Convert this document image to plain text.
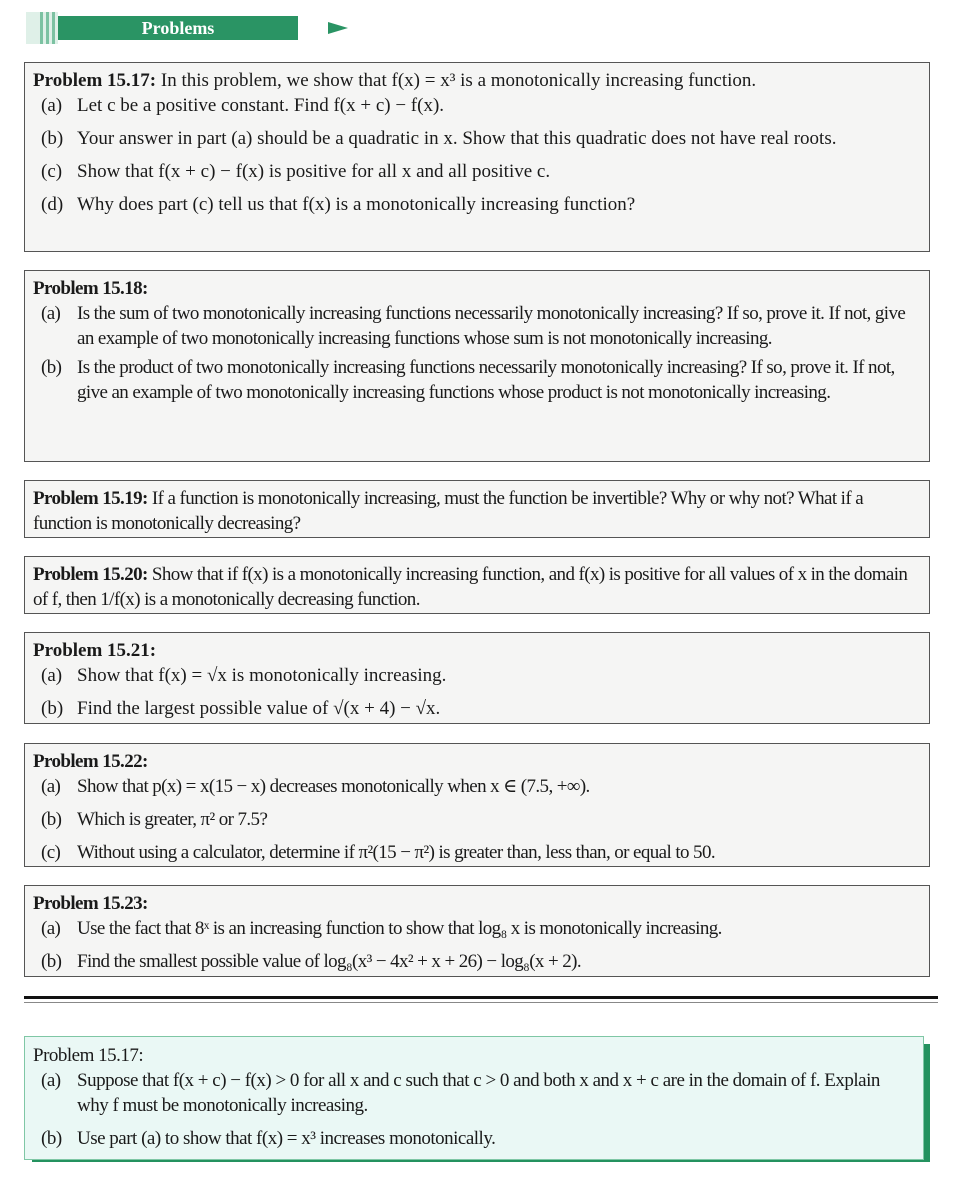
Problems
Problem 15.17: In this problem, we show that f(x) = x³ is a monotonically increasing function.
(a) Let c be a positive constant. Find f(x + c) − f(x).
(b) Your answer in part (a) should be a quadratic in x. Show that this quadratic does not have real roots.
(c) Show that f(x + c) − f(x) is positive for all x and all positive c.
(d) Why does part (c) tell us that f(x) is a monotonically increasing function?
Problem 15.18:
(a) Is the sum of two monotonically increasing functions necessarily monotonically increasing? If so, prove it. If not, give an example of two monotonically increasing functions whose sum is not monotonically increasing.
(b) Is the product of two monotonically increasing functions necessarily monotonically increasing? If so, prove it. If not, give an example of two monotonically increasing functions whose product is not monotonically increasing.
Problem 15.19: If a function is monotonically increasing, must the function be invertible? Why or why not? What if a function is monotonically decreasing?
Problem 15.20: Show that if f(x) is a monotonically increasing function, and f(x) is positive for all values of x in the domain of f, then 1/f(x) is a monotonically decreasing function.
Problem 15.21:
(a) Show that f(x) = √x is monotonically increasing.
(b) Find the largest possible value of √(x + 4) − √x.
Problem 15.22:
(a) Show that p(x) = x(15 − x) decreases monotonically when x ∈ (7.5, +∞).
(b) Which is greater, π² or 7.5?
(c) Without using a calculator, determine if π²(15 − π²) is greater than, less than, or equal to 50.
Problem 15.23:
(a) Use the fact that 8ˣ is an increasing function to show that log₈ x is monotonically increasing.
(b) Find the smallest possible value of log₈(x³ − 4x² + x + 26) − log₈(x + 2).
Problem 15.17:
(a) Suppose that f(x + c) − f(x) > 0 for all x and c such that c > 0 and both x and x + c are in the domain of f. Explain why f must be monotonically increasing.
(b) Use part (a) to show that f(x) = x³ increases monotonically.
